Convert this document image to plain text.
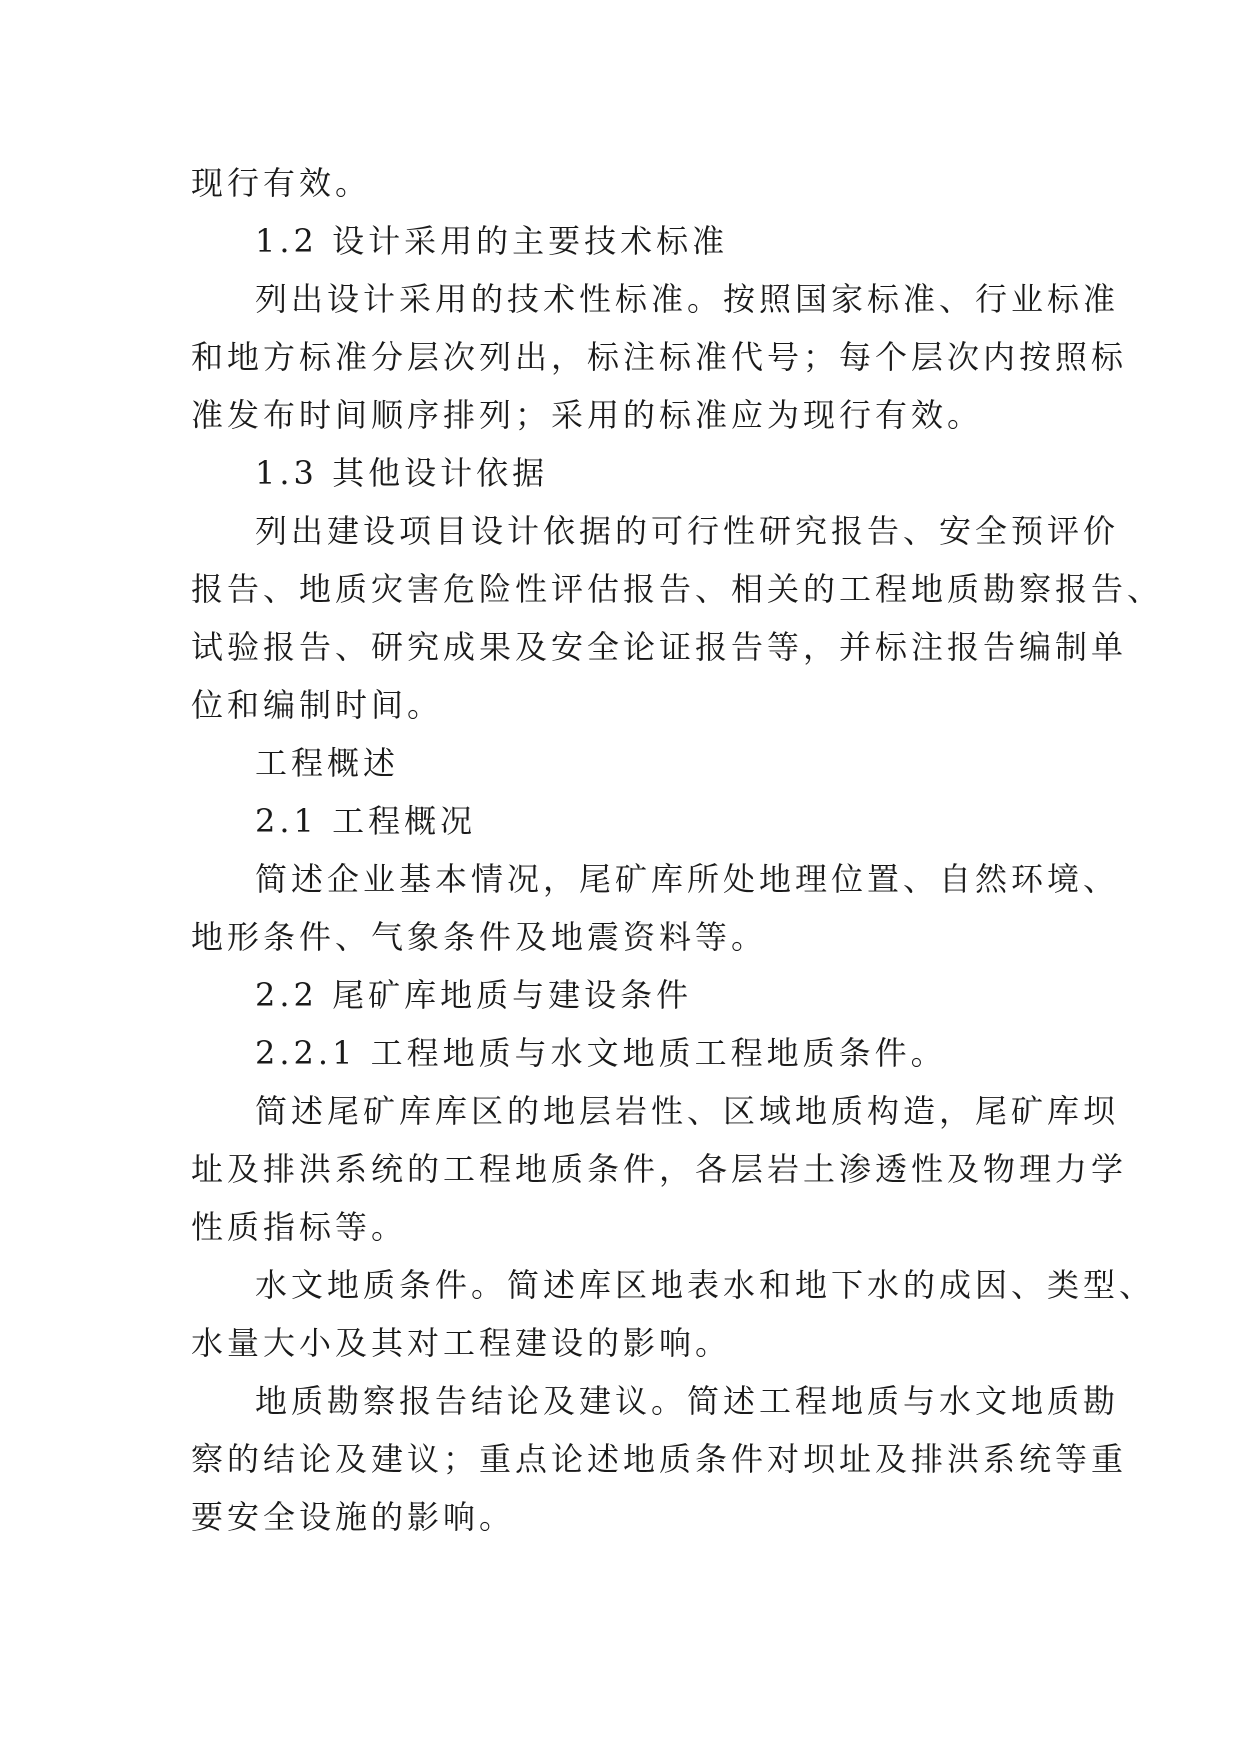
现行有效。
1.2 设计采用的主要技术标准
列出设计采用的技术性标准。按照国家标准、行业标准
和地方标准分层次列出，标注标准代号；每个层次内按照标
准发布时间顺序排列；采用的标准应为现行有效。
1.3 其他设计依据
列出建设项目设计依据的可行性研究报告、安全预评价
报告、地质灾害危险性评估报告、相关的工程地质勘察报告、
试验报告、研究成果及安全论证报告等，并标注报告编制单
位和编制时间。
工程概述
2.1 工程概况
简述企业基本情况，尾矿库所处地理位置、自然环境、
地形条件、气象条件及地震资料等。
2.2 尾矿库地质与建设条件
2.2.1 工程地质与水文地质工程地质条件。
简述尾矿库库区的地层岩性、区域地质构造，尾矿库坝
址及排洪系统的工程地质条件，各层岩土渗透性及物理力学
性质指标等。
水文地质条件。简述库区地表水和地下水的成因、类型、
水量大小及其对工程建设的影响。
地质勘察报告结论及建议。简述工程地质与水文地质勘
察的结论及建议；重点论述地质条件对坝址及排洪系统等重
要安全设施的影响。
